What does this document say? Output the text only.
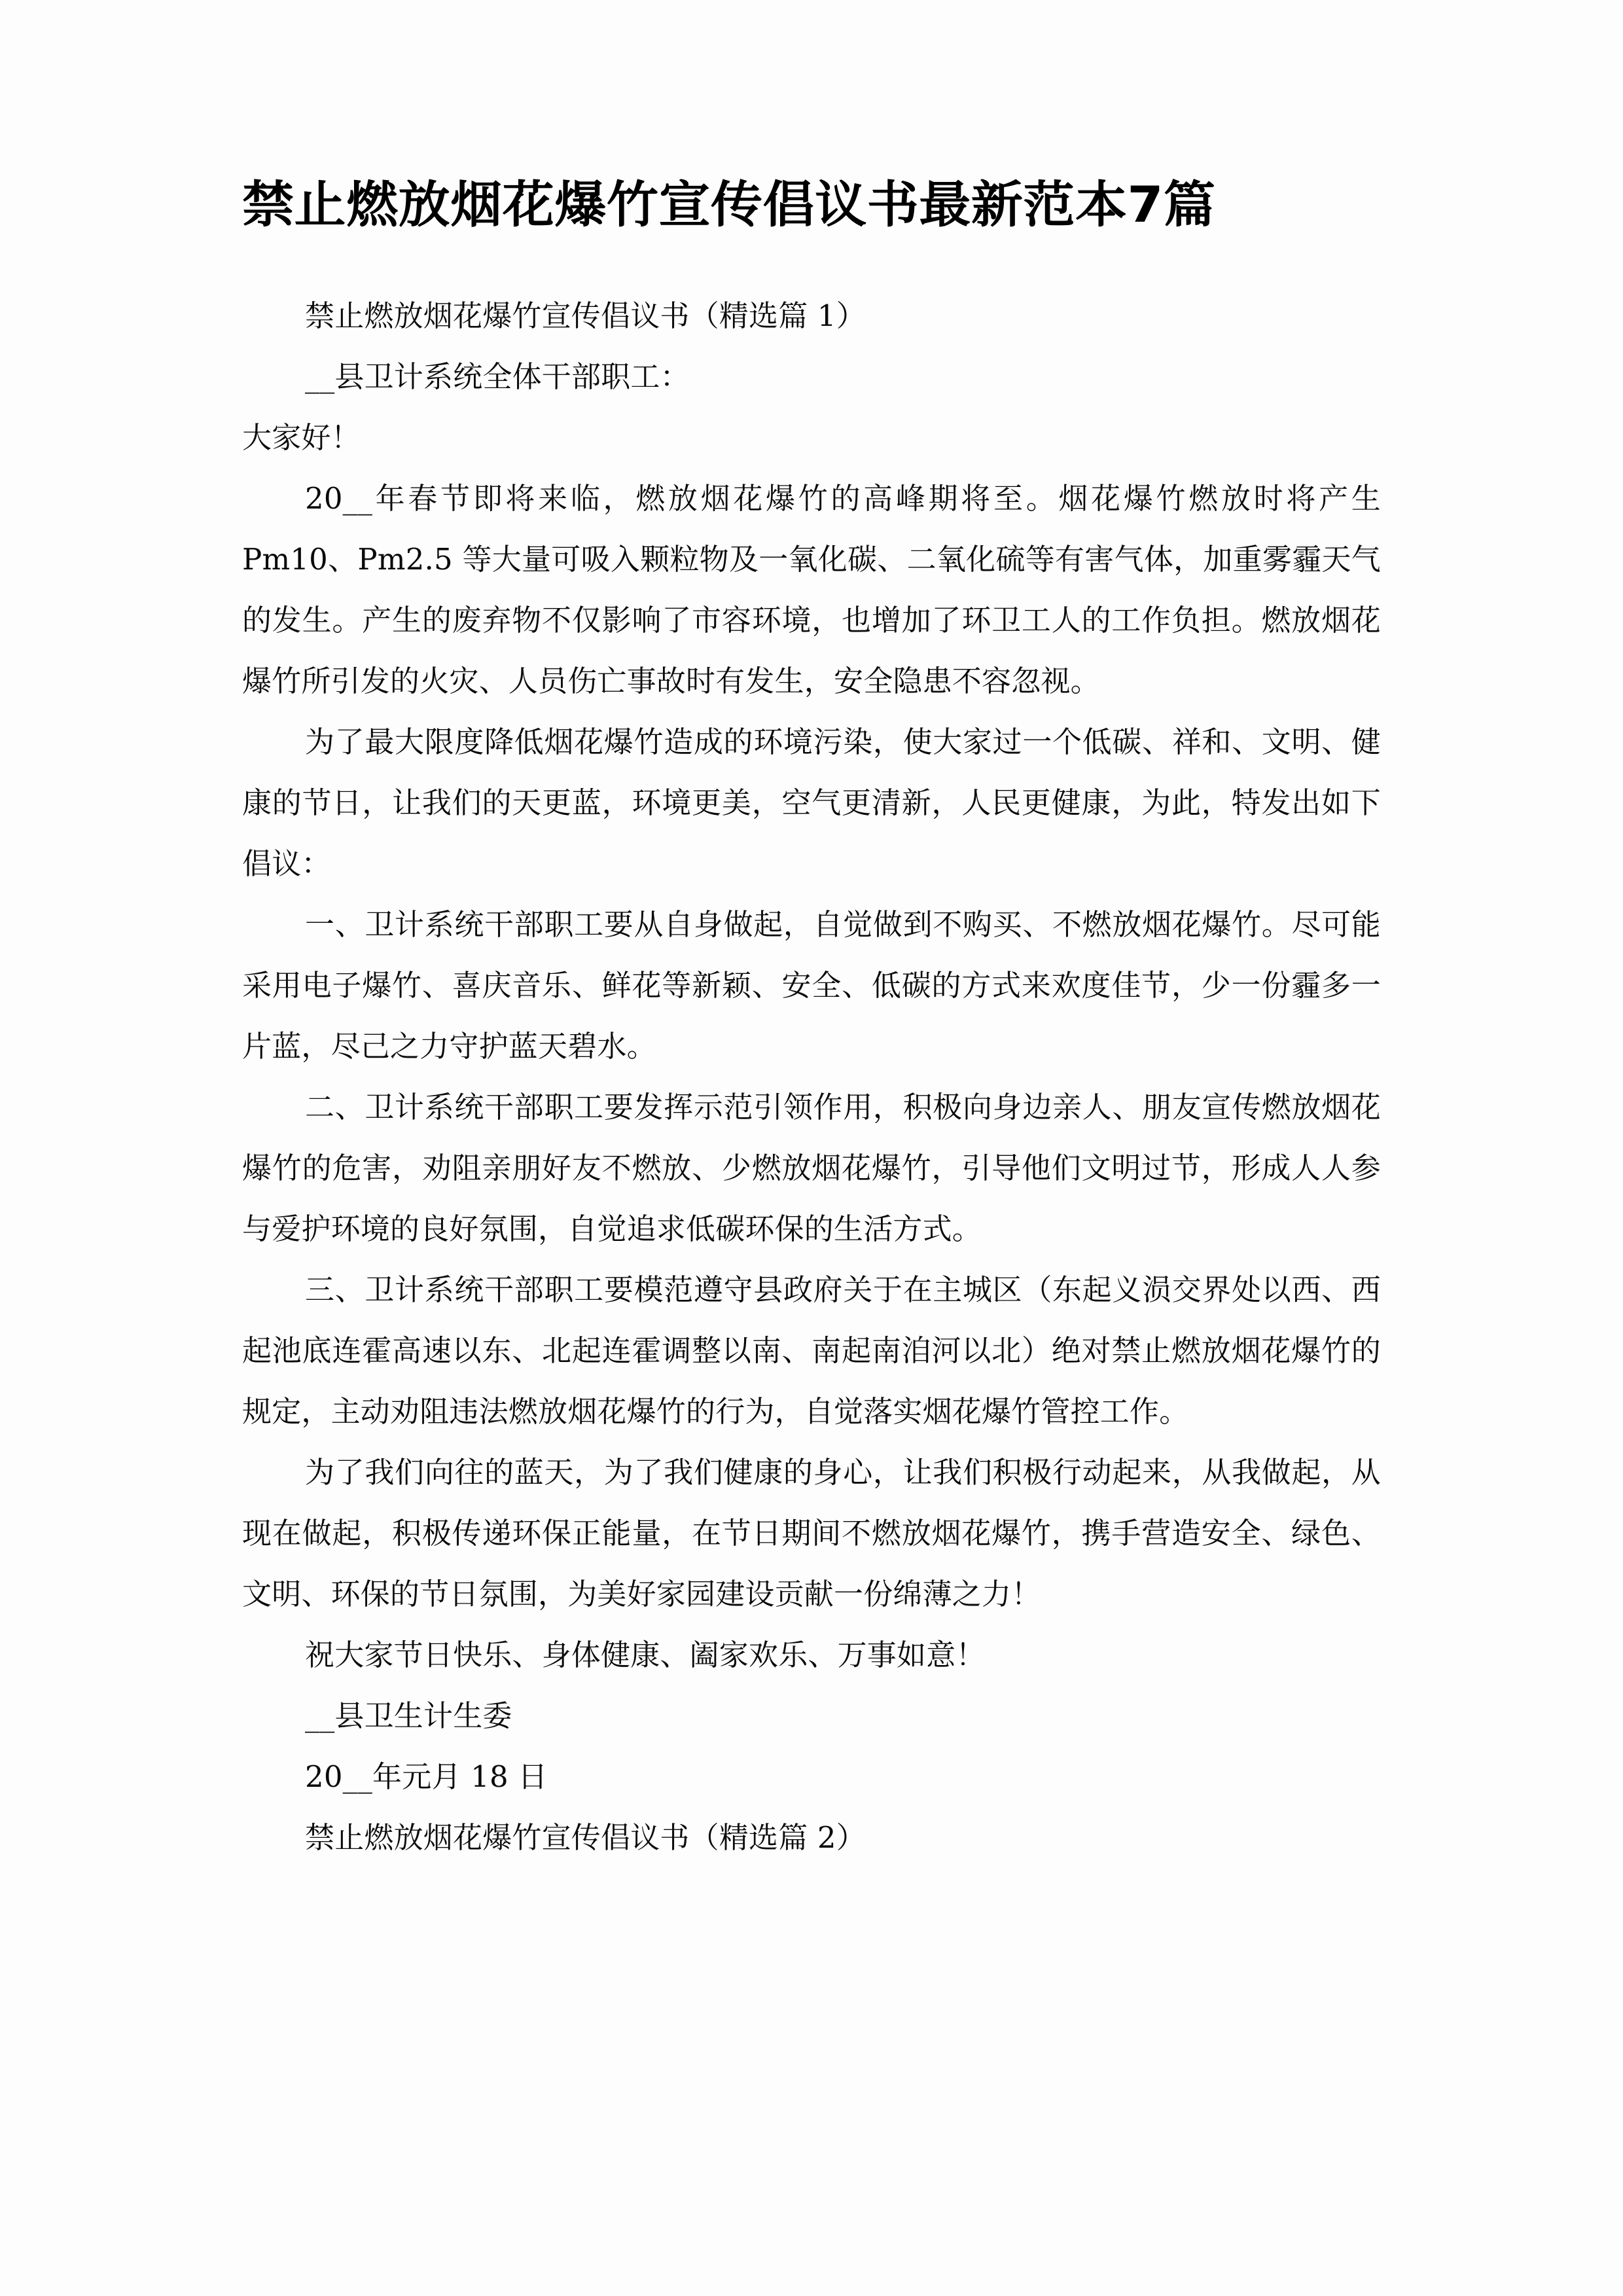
禁止燃放烟花爆竹宣传倡议书最新范本7篇

禁止燃放烟花爆竹宣传倡议书（精选篇 1）

__县卫计系统全体干部职工：

大家好！

20__年春节即将来临，燃放烟花爆竹的高峰期将至。烟花爆竹燃放时将产生 Pm10、Pm2.5 等大量可吸入颗粒物及一氧化碳、二氧化硫等有害气体，加重雾霾天气的发生。产生的废弃物不仅影响了市容环境，也增加了环卫工人的工作负担。燃放烟花爆竹所引发的火灾、人员伤亡事故时有发生，安全隐患不容忽视。

为了最大限度降低烟花爆竹造成的环境污染，使大家过一个低碳、祥和、文明、健康的节日，让我们的天更蓝，环境更美，空气更清新，人民更健康，为此，特发出如下倡议：

一、卫计系统干部职工要从自身做起，自觉做到不购买、不燃放烟花爆竹。尽可能采用电子爆竹、喜庆音乐、鲜花等新颖、安全、低碳的方式来欢度佳节，少一份霾多一片蓝，尽己之力守护蓝天碧水。

二、卫计系统干部职工要发挥示范引领作用，积极向身边亲人、朋友宣传燃放烟花爆竹的危害，劝阻亲朋好友不燃放、少燃放烟花爆竹，引导他们文明过节，形成人人参与爱护环境的良好氛围，自觉追求低碳环保的生活方式。

三、卫计系统干部职工要模范遵守县政府关于在主城区（东起义涢交界处以西、西起池底连霍高速以东、北起连霍调整以南、南起南洎河以北）绝对禁止燃放烟花爆竹的规定，主动劝阻违法燃放烟花爆竹的行为，自觉落实烟花爆竹管控工作。

为了我们向往的蓝天，为了我们健康的身心，让我们积极行动起来，从我做起，从现在做起，积极传递环保正能量，在节日期间不燃放烟花爆竹，携手营造安全、绿色、文明、环保的节日氛围，为美好家园建设贡献一份绵薄之力！

祝大家节日快乐、身体健康、阖家欢乐、万事如意！

__县卫生计生委

20__年元月 18 日

禁止燃放烟花爆竹宣传倡议书（精选篇 2）
